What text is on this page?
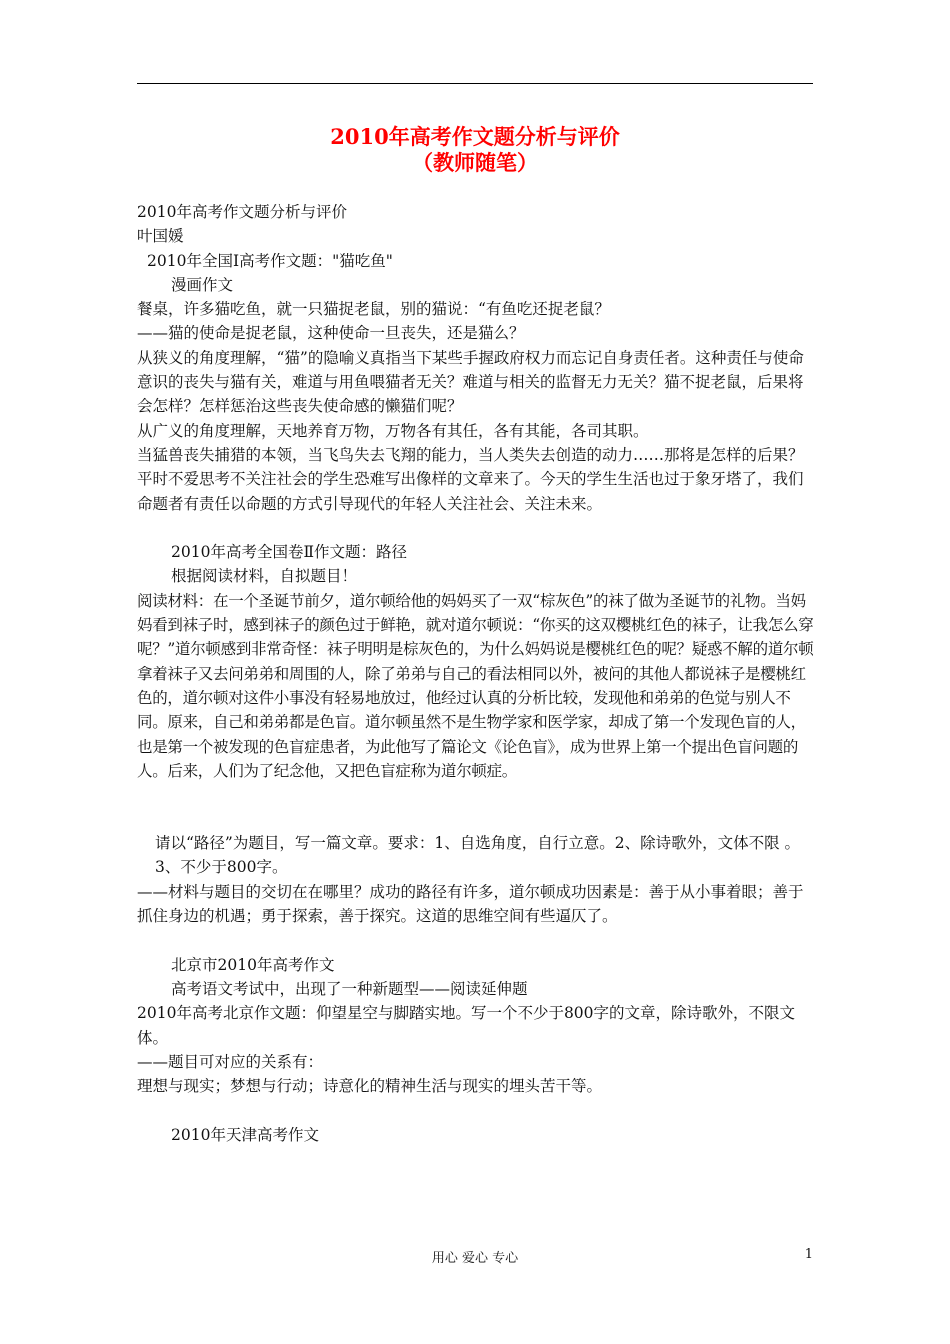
2010年高考作文题分析与评价
（教师随笔）

2010年高考作文题分析与评价

叶国媛

2010年全国Ⅰ高考作文题："猫吃鱼"

漫画作文

餐桌，许多猫吃鱼，就一只猫捉老鼠，别的猫说：“有鱼吃还捉老鼠？

——猫的使命是捉老鼠，这种使命一旦丧失，还是猫么？

从狭义的角度理解，“猫”的隐喻义真指当下某些手握政府权力而忘记自身责任者。这种责任与使命意识的丧失与猫有关，难道与用鱼喂猫者无关？难道与相关的监督无力无关？猫不捉老鼠，后果将会怎样？怎样惩治这些丧失使命感的懒猫们呢？

从广义的角度理解，天地养育万物，万物各有其任，各有其能，各司其职。

当猛兽丧失捕猎的本领，当飞鸟失去飞翔的能力，当人类失去创造的动力……那将是怎样的后果？

平时不爱思考不关注社会的学生恐难写出像样的文章来了。今天的学生生活也过于象牙塔了，我们命题者有责任以命题的方式引导现代的年轻人关注社会、关注未来。

2010年高考全国卷Ⅱ作文题：路径

根据阅读材料，自拟题目！

阅读材料：在一个圣诞节前夕，道尔顿给他的妈妈买了一双“棕灰色”的袜了做为圣诞节的礼物。当妈妈看到袜子时，感到袜子的颜色过于鲜艳，就对道尔顿说：“你买的这双樱桃红色的袜子，让我怎么穿呢？”道尔顿感到非常奇怪：袜子明明是棕灰色的，为什么妈妈说是樱桃红色的呢？疑惑不解的道尔顿拿着袜子又去问弟弟和周围的人，除了弟弟与自己的看法相同以外，被问的其他人都说袜子是樱桃红色的，道尔顿对这件小事没有轻易地放过，他经过认真的分析比较，发现他和弟弟的色觉与别人不同。原来，自己和弟弟都是色盲。道尔顿虽然不是生物学家和医学家，却成了第一个发现色盲的人，也是第一个被发现的色盲症患者，为此他写了篇论文《论色盲》，成为世界上第一个提出色盲问题的人。后来，人们为了纪念他，又把色盲症称为道尔顿症。

请以“路径”为题目，写一篇文章。要求：1、自选角度，自行立意。2、除诗歌外，文体不限 。3、不少于800字。

——材料与题目的交切在在哪里？成功的路径有许多，道尔顿成功因素是：善于从小事着眼；善于抓住身边的机遇；勇于探索，善于探究。这道的思维空间有些逼仄了。

北京市2010年高考作文

高考语文考试中，出现了一种新题型——阅读延伸题

2010年高考北京作文题：仰望星空与脚踏实地。写一个不少于800字的文章，除诗歌外，不限文体。

——题目可对应的关系有：

理想与现实；梦想与行动；诗意化的精神生活与现实的埋头苦干等。

2010年天津高考作文

用心 爱心 专心	1
